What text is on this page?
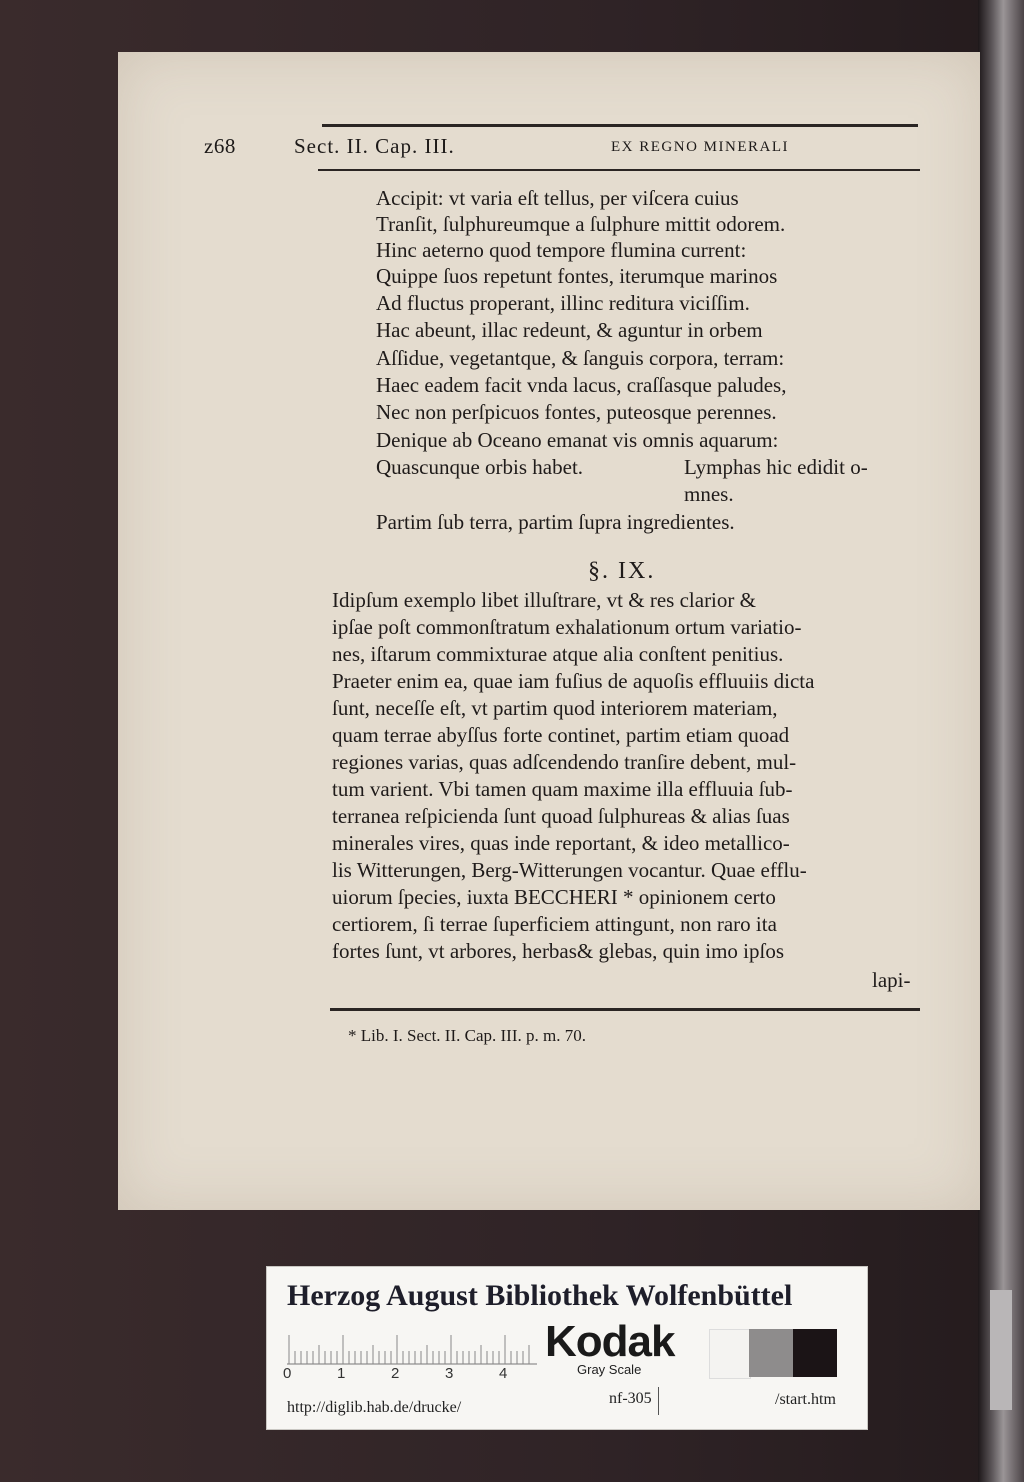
z68	Sect. II. Cap. III.	EX REGNO MINERALI
Accipit: vt varia eſt tellus, per viſcera cuius
Tranſit, ſulphureumque a ſulphure mittit odorem.
Hinc aeterno quod tempore flumina current:
Quippe ſuos repetunt fontes, iterumque marinos
Ad fluctus properant, illinc reditura viciſſim.
Hac abeunt, illac redeunt, & aguntur in orbem
Aſſidue, vegetantque, & ſanguis corpora, terram:
Haec eadem facit vnda lacus, craſſasque paludes,
Nec non perſpicuos fontes, puteosque perennes.
Denique ab Oceano emanat vis omnis aquarum:
Quascunque orbis habet.	Lymphas hic edidit o-
mnes.
Partim ſub terra, partim ſupra ingredientes.
§. IX.
Idipſum exemplo libet illuſtrare, vt & res clarior &
ipſae poſt commonſtratum exhalationum ortum variatio-
nes, iſtarum commixturae atque alia conſtent penitius.
Praeter enim ea, quae iam fuſius de aquoſis effluuiis dicta
ſunt, neceſſe eſt, vt partim quod interiorem materiam,
quam terrae abyſſus forte continet, partim etiam quoad
regiones varias, quas adſcendendo tranſire debent, mul-
tum varient. Vbi tamen quam maxime illa effluuia ſub-
terranea reſpicienda ſunt quoad ſulphureas & alias ſuas
minerales vires, quas inde reportant, & ideo metallico-
lis Witterungen, Berg-Witterungen vocantur. Quae efflu-
uiorum ſpecies, iuxta BECCHERI * opinionem certo
certiorem, ſi terrae ſuperficiem attingunt, non raro ita
fortes ſunt, vt arbores, herbas& glebas, quin imo ipſos
lapi-
* Lib. I. Sect. II. Cap. III. p. m. 70.
Herzog August Bibliothek Wolfenbüttel
0	1	2	3	4
Kodak
Gray Scale
http://diglib.hab.de/drucke/
nf-305	/start.htm
